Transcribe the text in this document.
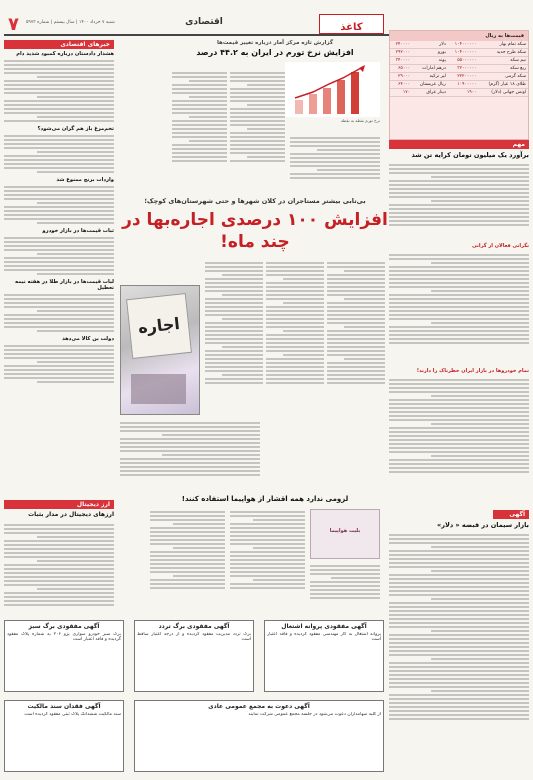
۷ شنبه ۷ خرداد ۱۴۰۰ | سال بیستم | شماره ۵۹۷۳	اقتصادی	کاغذ
قیمت‌ها به ریال
سکه تمام بهار	۱۰۴۰۰۰۰۰۰	دلار	۲۴۰۰۰۰
سکه طرح جدید	۱۰۴۰۰۰۰۰۰	یورو	۲۹۲۰۰۰
نیم سکه	۵۵۰۰۰۰۰۰	پوند	۳۴۰۰۰۰
ربع سکه	۳۲۰۰۰۰۰۰	درهم امارات	۶۵۰۰۰
سکه گرمی	۲۲۲۰۰۰۰۰	لیر ترکیه	۲۹۰۰۰
طلای ۱۸ عیار (گرم)	۱۰۹۰۰۰۰۰	ریال عربستان	۶۴۰۰۰
اونس جهانی (دلار)	۱۹۰۰	دینار عراق	۱۷۰
مهم
گزارش تازه مرکز آمار درباره تغییر قیمت‌ها
افزایش نرخ تورم در ایران به ۴۴.۲ درصد
نرخ تورم نقطه به نقطه
بی‌تابی بیشتر مستاجران در کلان شهرها و حتی شهرستان‌های کوچک؛
افزایش ۱۰۰ درصدی اجاره‌بها در چند ماه!
اجاره
برآورد یک میلیون تومان کرایه تن شد
نگرانی فعالان از گرانی
تمام خودروها در بازار ایران خطرناک را دارند!
آگهی
بازار سیمان در قبضه « دلار»
خبرهای اقتصادی
هشدار دادستان درباره کمبود شدید دام
تخم‌مرغ باز هم گران می‌شود؟
واردات برنج ممنوع شد
ثبات قیمت‌ها در بازار خودرو
لبات قیمت‌ها در بازار طلا در هفته نیمه تعطیل
دولت بن کالا می‌دهد
ارز دیجیتال
ارزهای دیجیتال در مدار بثبات
لزومی ندارد همه اقشار از هواپیما استفاده کنند!
بلیت هواپیما
آگهی مفقودی برگ سبز
برگ سبز خودرو سواری پژو ۲۰۶ به شماره پلاک مفقود گردیده و فاقد اعتبار است
آگهی مفقودی برگ تردد
برگ تردد مدیریت مفقود گردیده و از درجه اعتبار ساقط است
آگهی مفقودی پروانه اشتغال
پروانه اشتغال به کار مهندسی مفقود گردیده و فاقد اعتبار است
آگهی فقدان سند مالکیت
سند مالکیت ششدانگ پلاک ثبتی مفقود گردیده است
آگهی دعوت به مجمع عمومی عادی
از کلیه سهامداران دعوت می‌شود در جلسه مجمع عمومی شرکت نمایند
